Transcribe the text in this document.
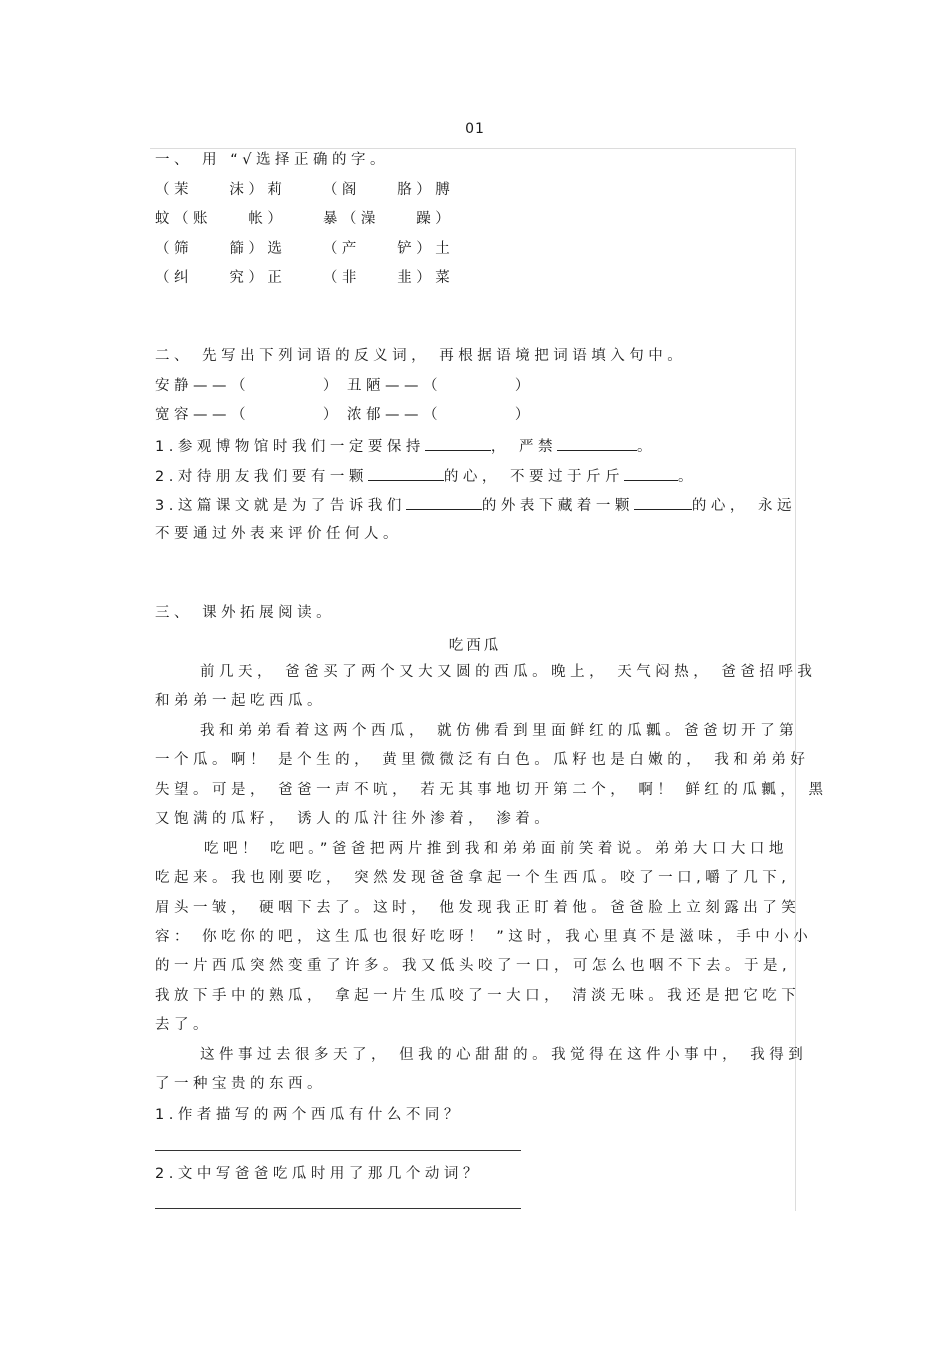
01
一、 用 “√选择正确的字。
（茉    沫）莉    （阁    胳）膊
蚊（账    帐）    暴（澡    躁）
（筛    篩）选    （产    铲）土
（纠    究）正    （非    韭）菜
二、 先写出下列词语的反义词， 再根据语境把词语填入句中。
安静——（        ） 丑陋——（        ）
宽容——（        ） 浓郁——（        ）
1.参观博物馆时我们一定要保持	， 严禁	。
2.对待朋友我们要有一颗	的心， 不要过于斤斤	。
3.这篇课文就是为了告诉我们	的外表下藏着一颗	的心， 永远
不要通过外表来评价任何人。
三、 课外拓展阅读。
吃西瓜
前几天， 爸爸买了两个又大又圆的西瓜。晚上， 天气闷热， 爸爸招呼我
和弟弟一起吃西瓜。
我和弟弟看着这两个西瓜， 就仿佛看到里面鲜红的瓜瓤。爸爸切开了第
一个瓜。啊！ 是个生的， 黄里微微泛有白色。瓜籽也是白嫩的， 我和弟弟好
失望。可是， 爸爸一声不吭， 若无其事地切开第二个， 啊！ 鲜红的瓜瓤， 黑
又饱满的瓜籽， 诱人的瓜汁往外渗着， 渗着。
吃吧！ 吃吧。”爸爸把两片推到我和弟弟面前笑着说。弟弟大口大口地
吃起来。我也刚要吃， 突然发现爸爸拿起一个生西瓜。咬了一口,嚼了几下,
眉头一皱， 硬咽下去了。这时， 他发现我正盯着他。爸爸脸上立刻露出了笑
容： 你吃你的吧，这生瓜也很好吃呀！ ”这时，我心里真不是滋味，手中小小
的一片西瓜突然变重了许多。我又低头咬了一口，可怎么也咽不下去。于是,
我放下手中的熟瓜， 拿起一片生瓜咬了一大口， 清淡无味。我还是把它吃下
去了。
这件事过去很多天了， 但我的心甜甜的。我觉得在这件小事中， 我得到
了一种宝贵的东西。
1.作者描写的两个西瓜有什么不同？
2.文中写爸爸吃瓜时用了那几个动词？
